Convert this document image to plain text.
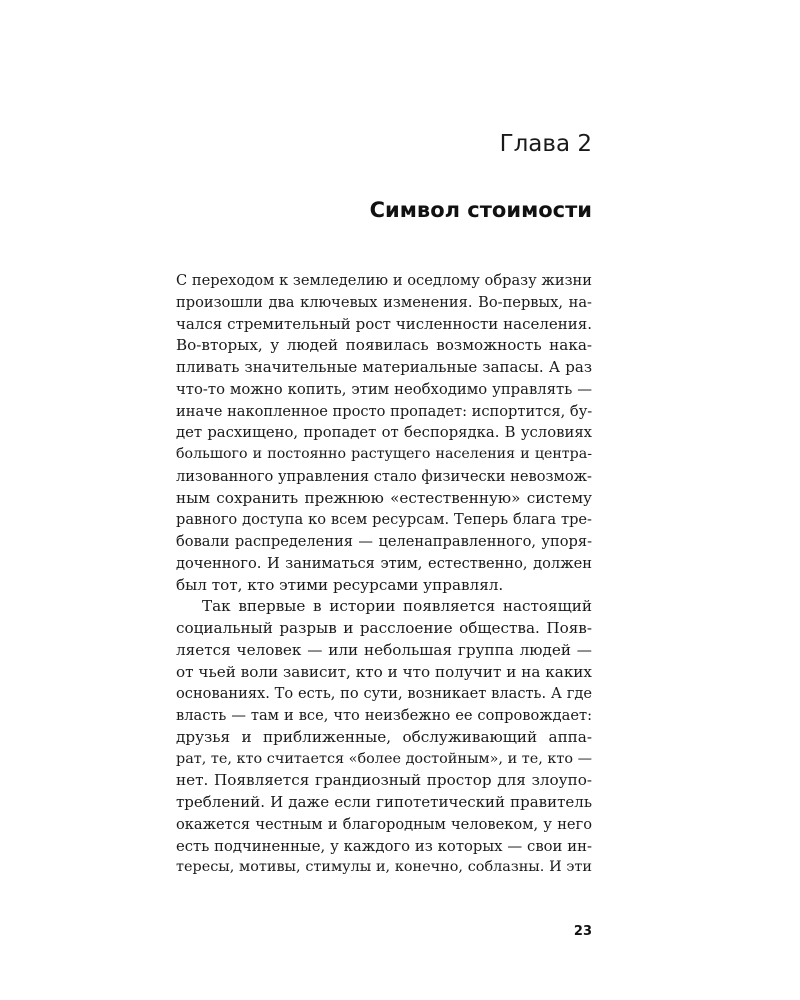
Глава 2
Символ стоимости
С переходом к земледелию и оседлому образу жизни
произошли два ключевых изменения. Во-первых, на-
чался стремительный рост численности населения.
Во-вторых, у людей появилась возможность нака-
пливать значительные материальные запасы. А раз
что-то можно копить, этим необходимо управлять —
иначе накопленное просто пропадет: испортится, бу-
дет расхищено, пропадет от беспорядка. В условиях
большого и постоянно растущего населения и центра-
лизованного управления стало физически невозмож-
ным сохранить прежнюю «естественную» систему
равного доступа ко всем ресурсам. Теперь блага тре-
бовали распределения — целенаправленного, упоря-
доченного. И заниматься этим, естественно, должен
был тот, кто этими ресурсами управлял.
Так впервые в истории появляется настоящий
социальный разрыв и расслоение общества. Появ-
ляется человек — или небольшая группа людей —
от чьей воли зависит, кто и что получит и на каких
основаниях. То есть, по сути, возникает власть. А где
власть — там и все, что неизбежно ее сопровождает:
друзья и приближенные, обслуживающий аппа-
рат, те, кто считается «более достойным», и те, кто —
нет. Появляется грандиозный простор для злоупо-
треблений. И даже если гипотетический правитель
окажется честным и благородным человеком, у него
есть подчиненные, у каждого из которых — свои ин-
тересы, мотивы, стимулы и, конечно, соблазны. И эти
23
